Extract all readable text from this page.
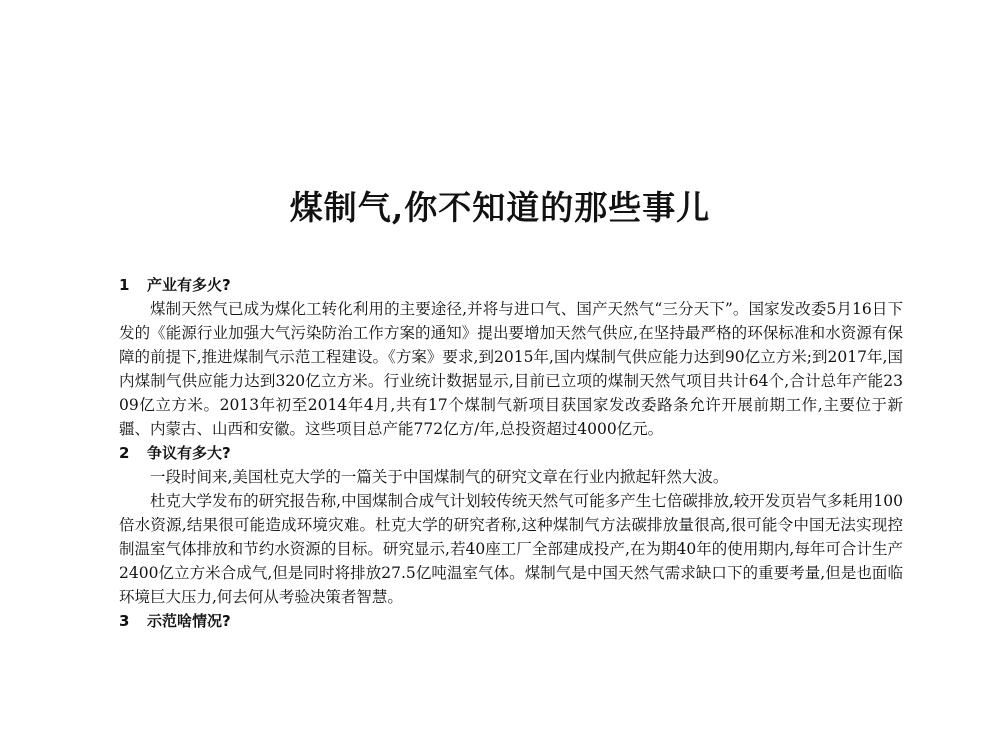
煤制气,你不知道的那些事儿
1 产业有多火?

煤制天然气已成为煤化工转化利用的主要途径,并将与进口气、国产天然气“三分天下”。国家发改委5月16日下发的《能源行业加强大气污染防治工作方案的通知》提出要增加天然气供应,在坚持最严格的环保标准和水资源有保障的前提下,推进煤制气示范工程建设。《方案》要求,到2015年,国内煤制气供应能力达到90亿立方米;到2017年,国内煤制气供应能力达到320亿立方米。行业统计数据显示,目前已立项的煤制天然气项目共计64个,合计总年产能2309亿立方米。2013年初至2014年4月,共有17个煤制气新项目获国家发改委路条允许开展前期工作,主要位于新疆、内蒙古、山西和安徽。这些项目总产能772亿方/年,总投资超过4000亿元。

2 争议有多大?

一段时间来,美国杜克大学的一篇关于中国煤制气的研究文章在行业内掀起轩然大波。

杜克大学发布的研究报告称,中国煤制合成气计划较传统天然气可能多产生七倍碳排放,较开发页岩气多耗用100倍水资源,结果很可能造成环境灾难。杜克大学的研究者称,这种煤制气方法碳排放量很高,很可能令中国无法实现控制温室气体排放和节约水资源的目标。研究显示,若40座工厂全部建成投产,在为期40年的使用期内,每年可合计生产2400亿立方米合成气,但是同时将排放27.5亿吨温室气体。煤制气是中国天然气需求缺口下的重要考量,但是也面临环境巨大压力,何去何从考验决策者智慧。

3 示范啥情况?
